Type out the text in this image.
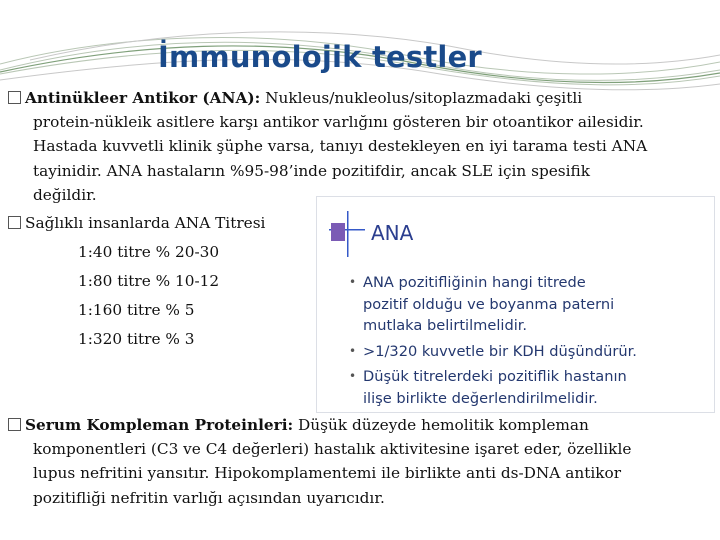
İmmunolojik testler
Antinükleer Antikor (ANA): Nukleus/nukleolus/sitoplazmadaki çeşitli
protein-nükleik asitlere karşı antikor varlığını gösteren bir otoantikor ailesidir.
Hastada kuvvetli klinik şüphe varsa, tanıyı destekleyen en iyi tarama testi ANA
tayinidir. ANA hastaların %95-98’inde pozitifdir, ancak SLE için spesifik
değildir.
Sağlıklı insanlarda ANA Titresi
1:40 titre % 20-30
1:80 titre % 10-12
1:160 titre % 5
1:320 titre % 3
ANA
• ANA pozitifliğinin hangi titrede
pozitif olduğu ve boyanma paterni
mutlaka belirtilmelidir.
• >1/320 kuvvetle bir KDH düşündürür.
• Düşük titrelerdeki pozitiflik hastanın
ilişe birlikte değerlendirilmelidir.
Serum Kompleman Proteinleri: Düşük düzeyde hemolitik kompleman
komponentleri (C3 ve C4 değerleri) hastalık aktivitesine işaret eder, özellikle
lupus nefritini yansıtır. Hipokomplamentemi ile birlikte anti ds-DNA antikor
pozitifliği nefritin varlığı açısından uyarıcıdır.
